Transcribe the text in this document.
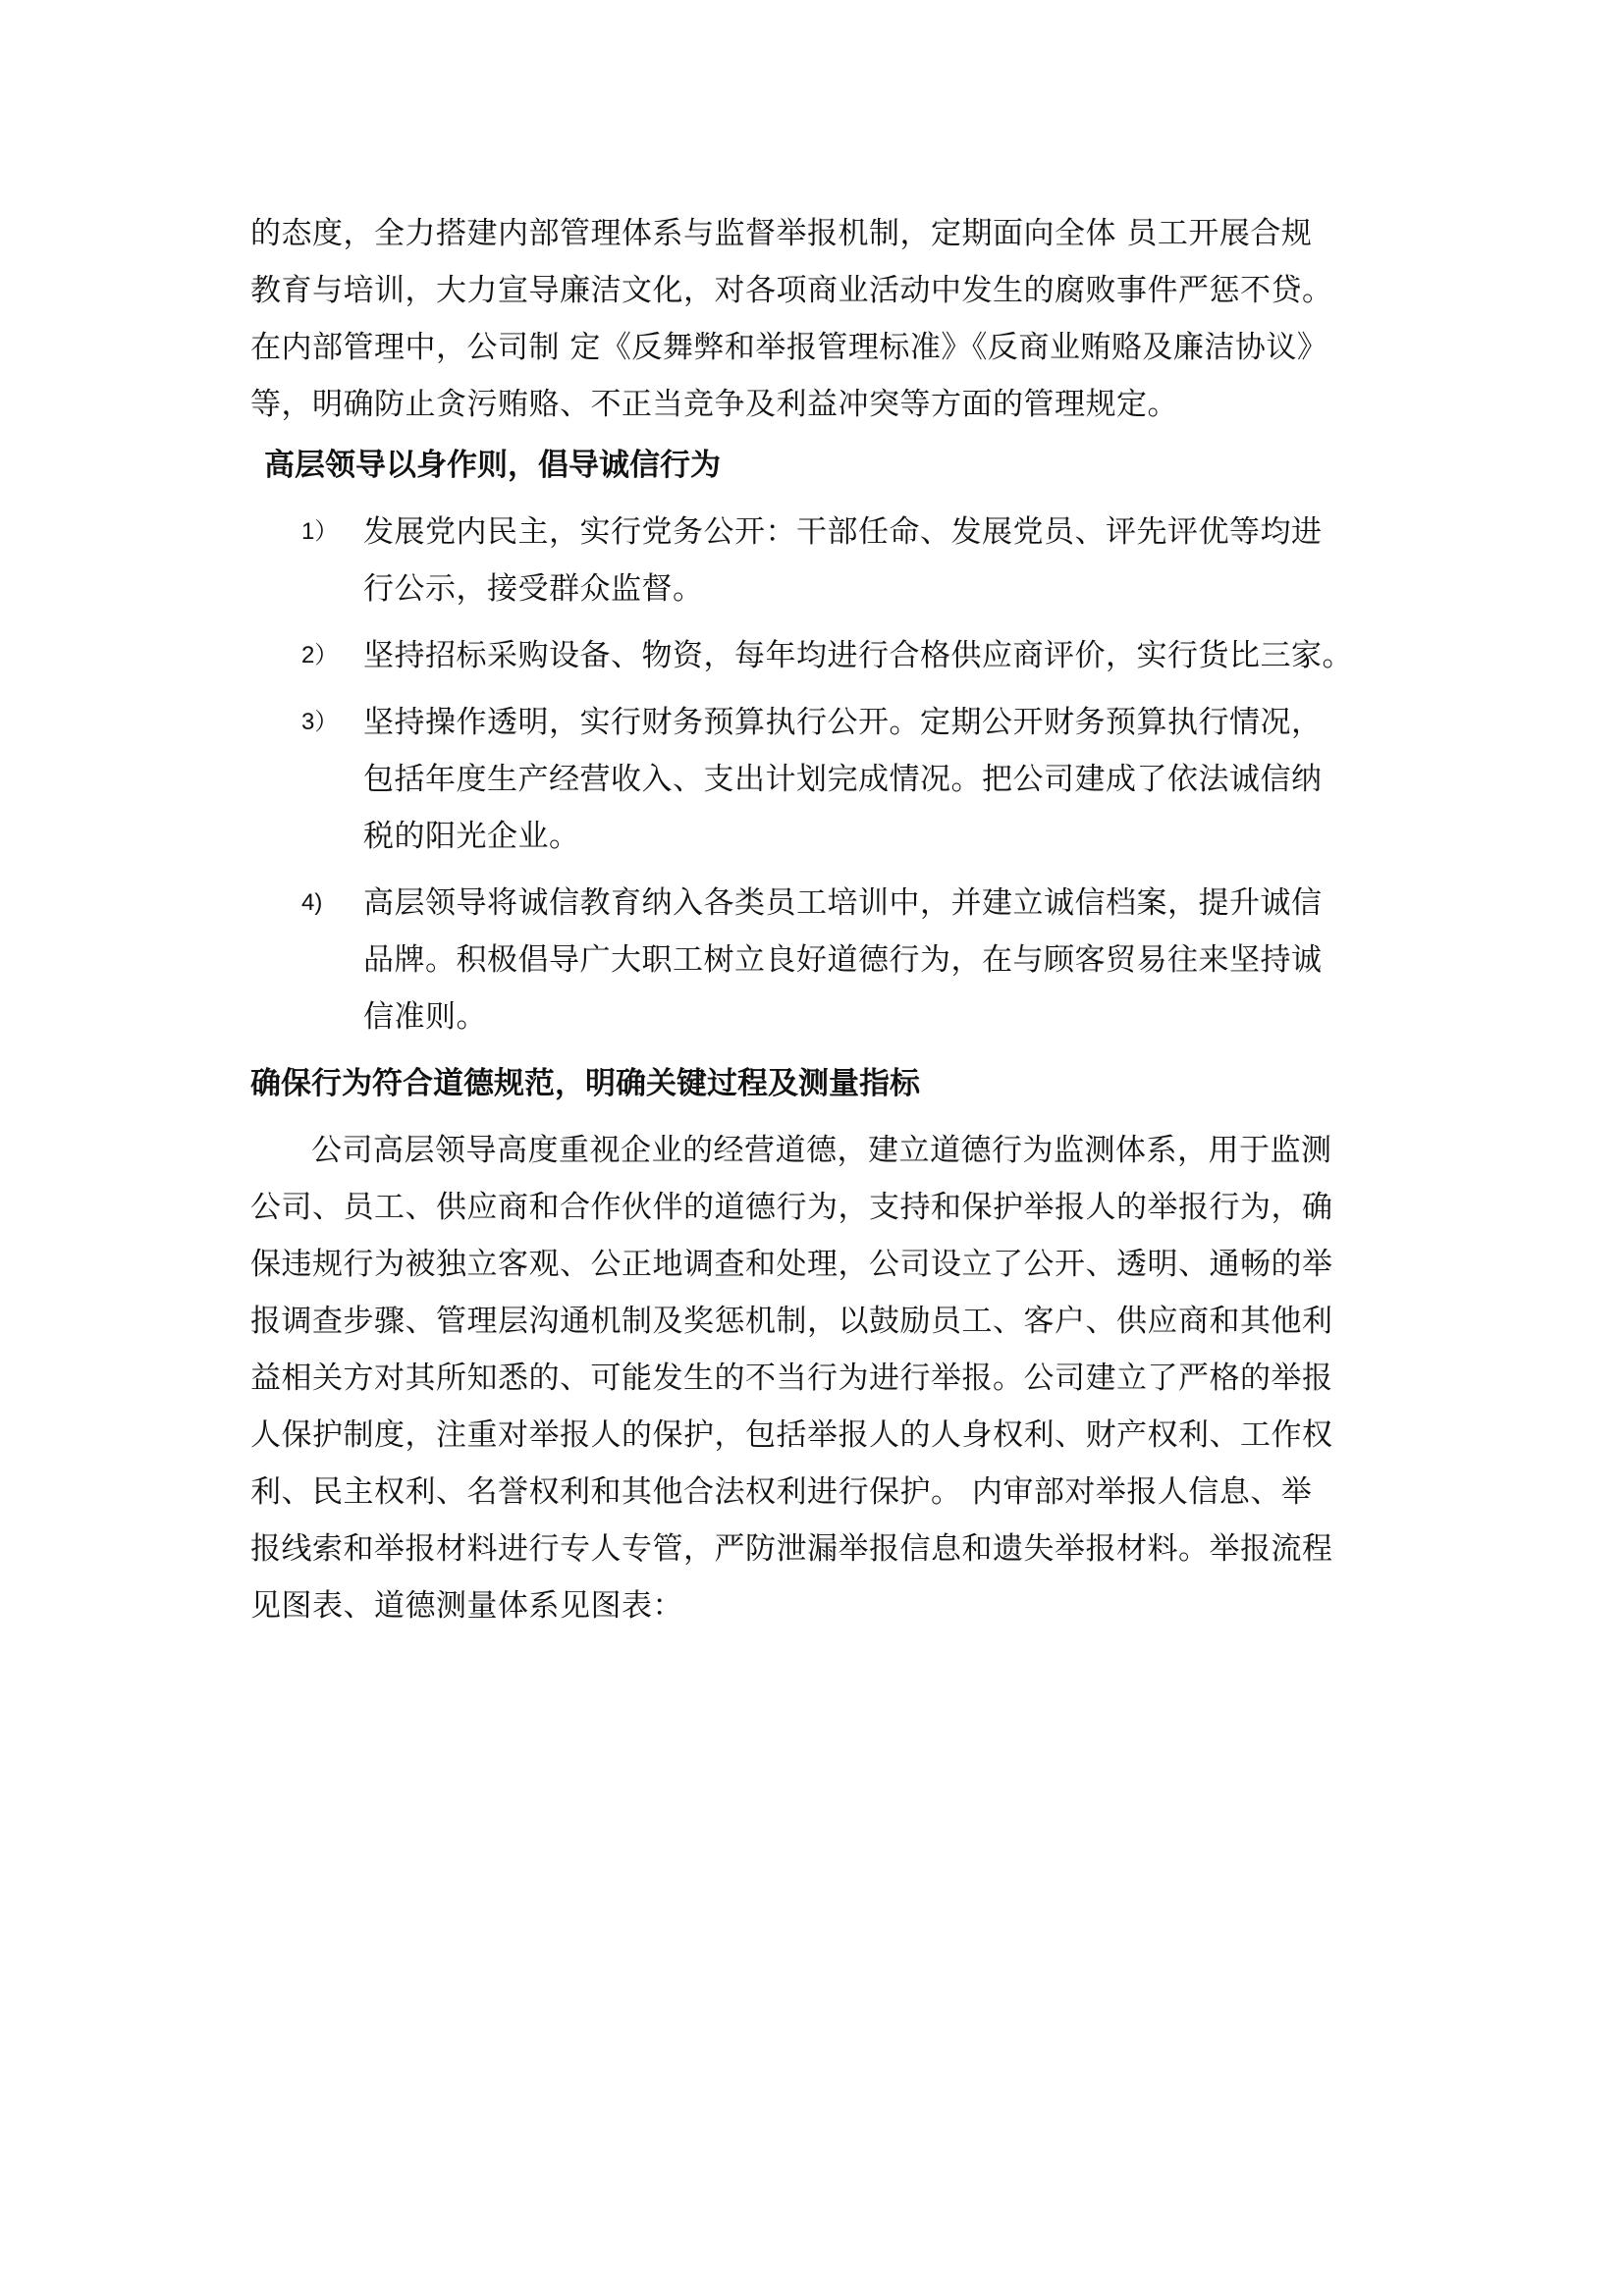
的态度，全力搭建内部管理体系与监督举报机制，定期面向全体 员工开展合规
教育与培训，大力宣导廉洁文化，对各项商业活动中发生的腐败事件严惩不贷。
在内部管理中，公司制 定《反舞弊和举报管理标准》《反商业贿赂及廉洁协议》
等，明确防止贪污贿赂、不正当竞争及利益冲突等方面的管理规定。
高层领导以身作则，倡导诚信行为
1） 发展党内民主，实行党务公开：干部任命、发展党员、评先评优等均进
行公示，接受群众监督。
2） 坚持招标采购设备、物资，每年均进行合格供应商评价，实行货比三家。
3） 坚持操作透明，实行财务预算执行公开。定期公开财务预算执行情况，
包括年度生产经营收入、支出计划完成情况。把公司建成了依法诚信纳
税的阳光企业。
4) 高层领导将诚信教育纳入各类员工培训中，并建立诚信档案，提升诚信
品牌。积极倡导广大职工树立良好道德行为，在与顾客贸易往来坚持诚
信准则。
确保行为符合道德规范，明确关键过程及测量指标
公司高层领导高度重视企业的经营道德，建立道德行为监测体系，用于监测
公司、员工、供应商和合作伙伴的道德行为，支持和保护举报人的举报行为，确
保违规行为被独立客观、公正地调查和处理，公司设立了公开、透明、通畅的举
报调查步骤、管理层沟通机制及奖惩机制，以鼓励员工、客户、供应商和其他利
益相关方对其所知悉的、可能发生的不当行为进行举报。公司建立了严格的举报
人保护制度，注重对举报人的保护，包括举报人的人身权利、财产权利、工作权
利、民主权利、名誉权利和其他合法权利进行保护。 内审部对举报人信息、举
报线索和举报材料进行专人专管，严防泄漏举报信息和遗失举报材料。举报流程
见图表、道德测量体系见图表：
